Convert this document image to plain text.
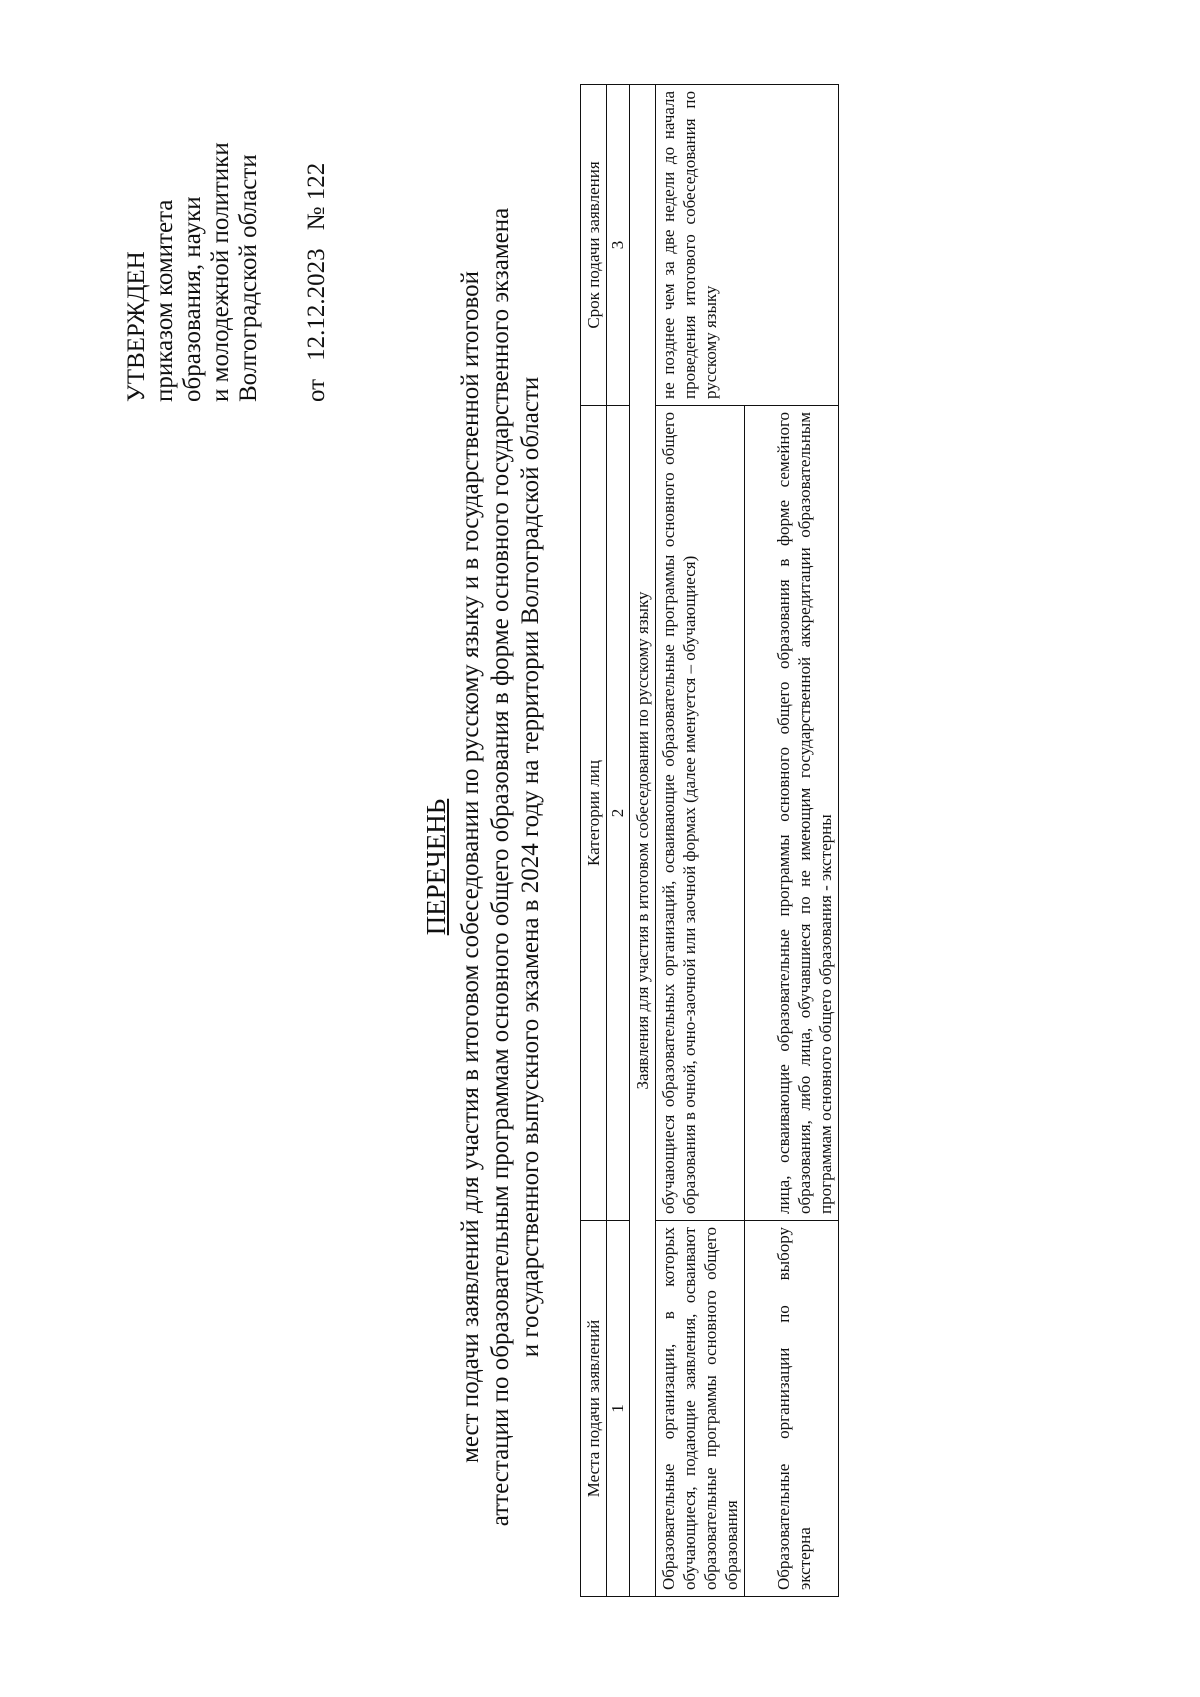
УТВЕРЖДЕН приказом комитета образования, науки и молодежной политики Волгоградской области от12.12.2023№ 122
ПЕРЕЧЕНЬ мест подачи заявлений для участия в итоговом собеседовании по русскому языку и в государственной итоговой аттестации по образовательным программам основного общего образования в форме основного государственного экзамена и государственного выпускного экзамена в 2024 году на территории Волгоградской области
Места подачи заявлений	Категории лиц	Срок подачи заявления
1	2	3
Заявления для участия в итоговом собеседовании по русскому языку		
Образовательные организации, в которых обучающиеся, подающие заявления, осваивают образовательные программы основного общего образования	обучающиеся образовательных организаций, осваивающие образовательные программы основного общего образования в очной, очно-заочной или заочной формах (далее именуется – обучающиеся)	не позднее чем за две недели до начала проведения итогового собеседования по русскому языку

Образовательные организации по выбору экстерна	лица, осваивающие образовательные программы основного общего образования в форме семейного образования, либо лица, обучавшиеся по не имеющим государственной аккредитации образовательным программам основного общего образования - экстерны	
